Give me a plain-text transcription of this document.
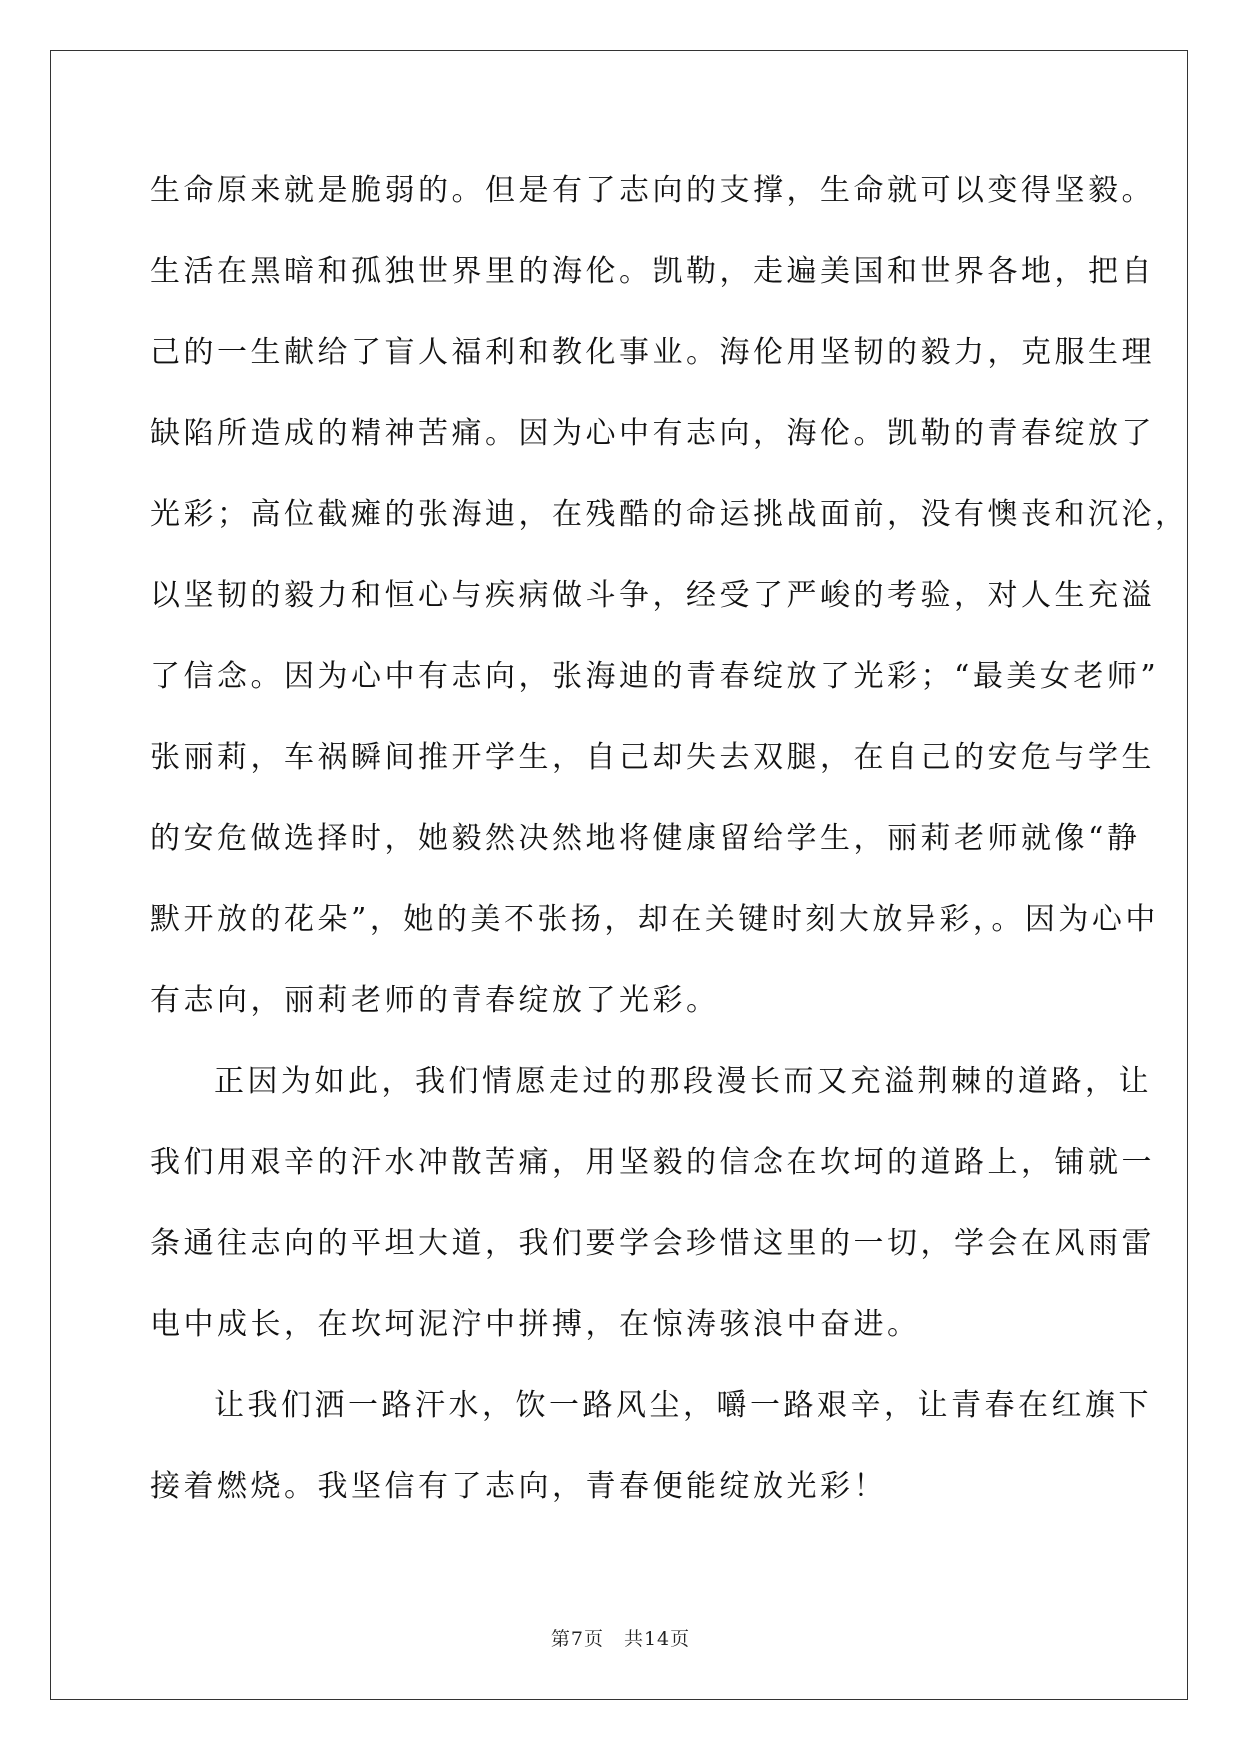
生命原来就是脆弱的。但是有了志向的支撑，生命就可以变得坚毅。
生活在黑暗和孤独世界里的海伦。凯勒，走遍美国和世界各地，把自
己的一生献给了盲人福利和教化事业。海伦用坚韧的毅力，克服生理
缺陷所造成的精神苦痛。因为心中有志向，海伦。凯勒的青春绽放了
光彩；高位截瘫的张海迪，在残酷的命运挑战面前，没有懊丧和沉沦，
以坚韧的毅力和恒心与疾病做斗争，经受了严峻的考验，对人生充溢
了信念。因为心中有志向，张海迪的青春绽放了光彩；“最美女老师”
张丽莉，车祸瞬间推开学生，自己却失去双腿，在自己的安危与学生
的安危做选择时，她毅然决然地将健康留给学生，丽莉老师就像“静
默开放的花朵”，她的美不张扬，却在关键时刻大放异彩，。因为心中
有志向，丽莉老师的青春绽放了光彩。
正因为如此，我们情愿走过的那段漫长而又充溢荆棘的道路，让
我们用艰辛的汗水冲散苦痛，用坚毅的信念在坎坷的道路上，铺就一
条通往志向的平坦大道，我们要学会珍惜这里的一切，学会在风雨雷
电中成长，在坎坷泥泞中拼搏，在惊涛骇浪中奋进。
让我们洒一路汗水，饮一路风尘，嚼一路艰辛，让青春在红旗下
接着燃烧。我坚信有了志向，青春便能绽放光彩！
第7页　共14页
